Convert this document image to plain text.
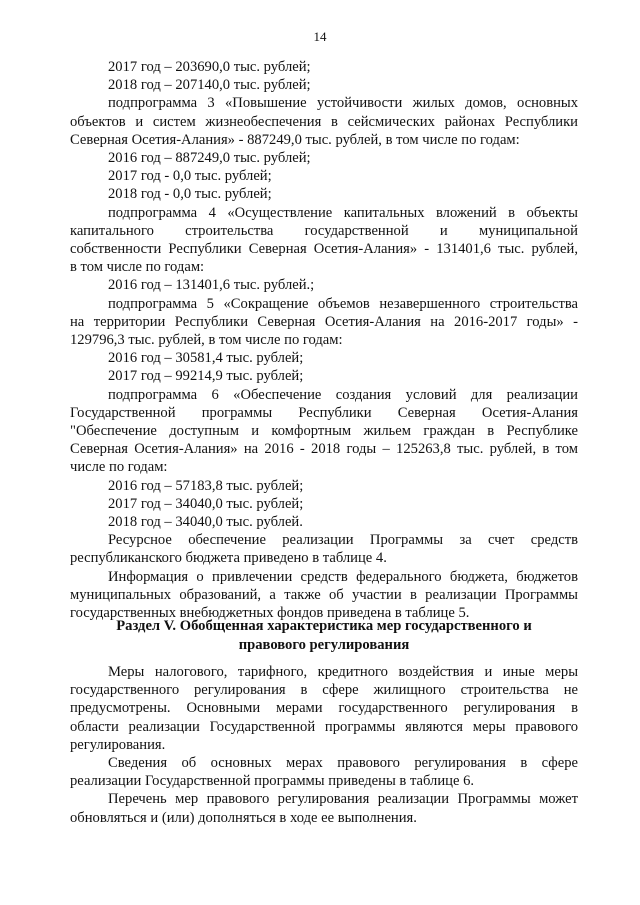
14
2017 год – 203690,0 тыс. рублей;
2018 год – 207140,0 тыс. рублей;
подпрограмма 3 «Повышение устойчивости жилых домов, основных
объектов и систем жизнеобеспечения в сейсмических районах Республики
Северная Осетия-Алания» - 887249,0 тыс. рублей, в том числе по годам:
2016 год – 887249,0 тыс. рублей;
2017 год - 0,0 тыс. рублей;
2018 год - 0,0 тыс. рублей;
подпрограмма 4 «Осуществление капитальных вложений в объекты
капитального строительства государственной и муниципальной
собственности Республики Северная Осетия-Алания» - 131401,6 тыс. рублей,
в том числе по годам:
2016 год – 131401,6 тыс. рублей.;
подпрограмма 5 «Сокращение объемов незавершенного строительства
на территории Республики Северная Осетия-Алания на 2016-2017 годы» -
129796,3 тыс. рублей, в том числе по годам:
2016 год – 30581,4 тыс. рублей;
2017 год – 99214,9 тыс. рублей;
подпрограмма 6 «Обеспечение создания условий для реализации
Государственной программы Республики Северная Осетия-Алания
"Обеспечение доступным и комфортным жильем граждан в Республике
Северная Осетия-Алания» на 2016 - 2018 годы – 125263,8 тыс. рублей, в том
числе по годам:
2016 год – 57183,8 тыс. рублей;
2017 год – 34040,0 тыс. рублей;
2018 год – 34040,0 тыс. рублей.
Ресурсное обеспечение реализации Программы за счет средств
республиканского бюджета приведено в таблице 4.
Информация о привлечении средств федерального бюджета, бюджетов
муниципальных образований, а также об участии в реализации Программы
государственных внебюджетных фондов приведена в таблице 5.
Раздел V. Обобщенная характеристика мер государственного и
правового регулирования
Меры налогового, тарифного, кредитного воздействия и иные меры
государственного регулирования в сфере жилищного строительства не
предусмотрены. Основными мерами государственного регулирования в
области реализации Государственной программы являются меры правового
регулирования.
Сведения об основных мерах правового регулирования в сфере
реализации Государственной программы приведены в таблице 6.
Перечень мер правового регулирования реализации Программы может
обновляться и (или) дополняться в ходе ее выполнения.
